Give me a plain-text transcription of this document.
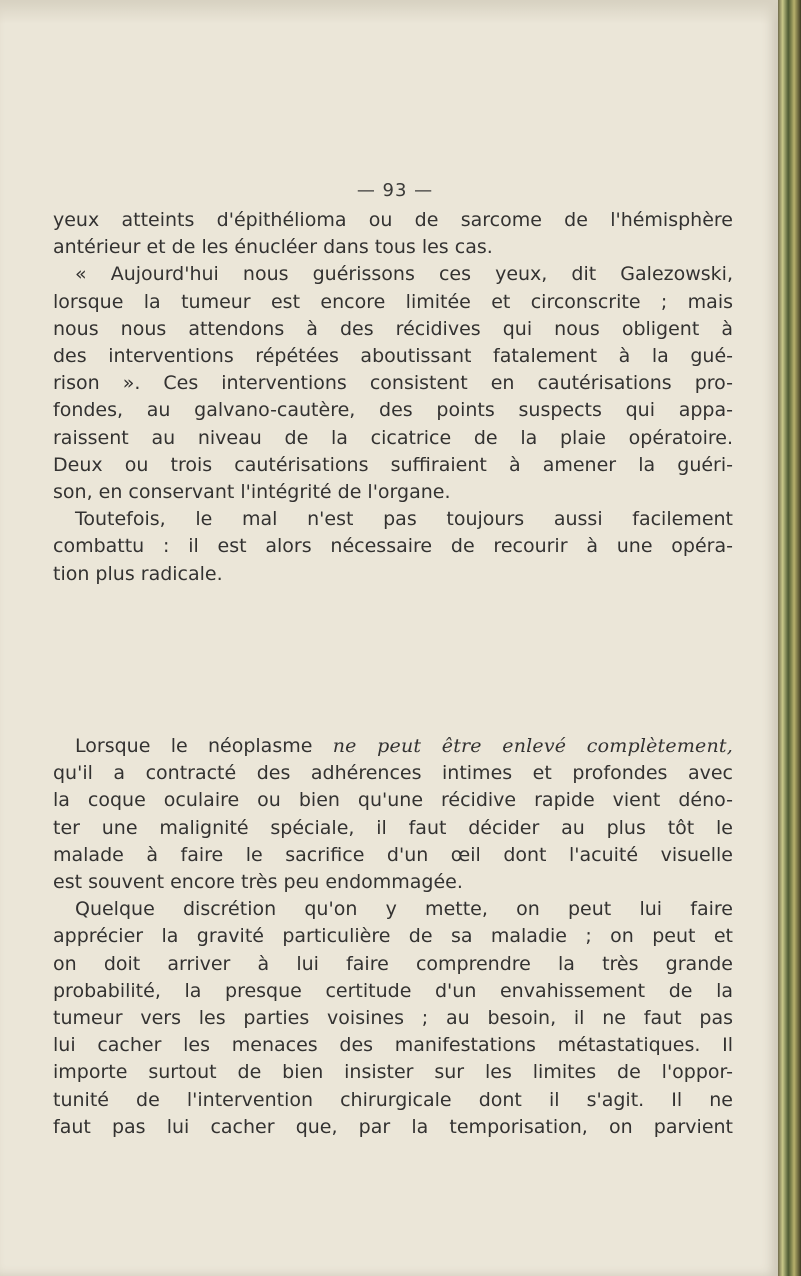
— 93 —
yeux atteints d'épithélioma ou de sarcome de l'hémisphère
antérieur et de les énucléer dans tous les cas.
« Aujourd'hui nous guérissons ces yeux, dit Galezowski,
lorsque la tumeur est encore limitée et circonscrite ; mais
nous nous attendons à des récidives qui nous obligent à
des interventions répétées aboutissant fatalement à la gué-
rison ». Ces interventions consistent en cautérisations pro-
fondes, au galvano-cautère, des points suspects qui appa-
raissent au niveau de la cicatrice de la plaie opératoire.
Deux ou trois cautérisations suffiraient à amener la guéri-
son, en conservant l'intégrité de l'organe.
Toutefois, le mal n'est pas toujours aussi facilement
combattu : il est alors nécessaire de recourir à une opéra-
tion plus radicale.
Lorsque le néoplasme ne peut être enlevé complètement,
qu'il a contracté des adhérences intimes et profondes avec
la coque oculaire ou bien qu'une récidive rapide vient déno-
ter une malignité spéciale, il faut décider au plus tôt le
malade à faire le sacrifice d'un œil dont l'acuité visuelle
est souvent encore très peu endommagée.
Quelque discrétion qu'on y mette, on peut lui faire
apprécier la gravité particulière de sa maladie ; on peut et
on doit arriver à lui faire comprendre la très grande
probabilité, la presque certitude d'un envahissement de la
tumeur vers les parties voisines ; au besoin, il ne faut pas
lui cacher les menaces des manifestations métastatiques. Il
importe surtout de bien insister sur les limites de l'oppor-
tunité de l'intervention chirurgicale dont il s'agit. Il ne
faut pas lui cacher que, par la temporisation, on parvient
